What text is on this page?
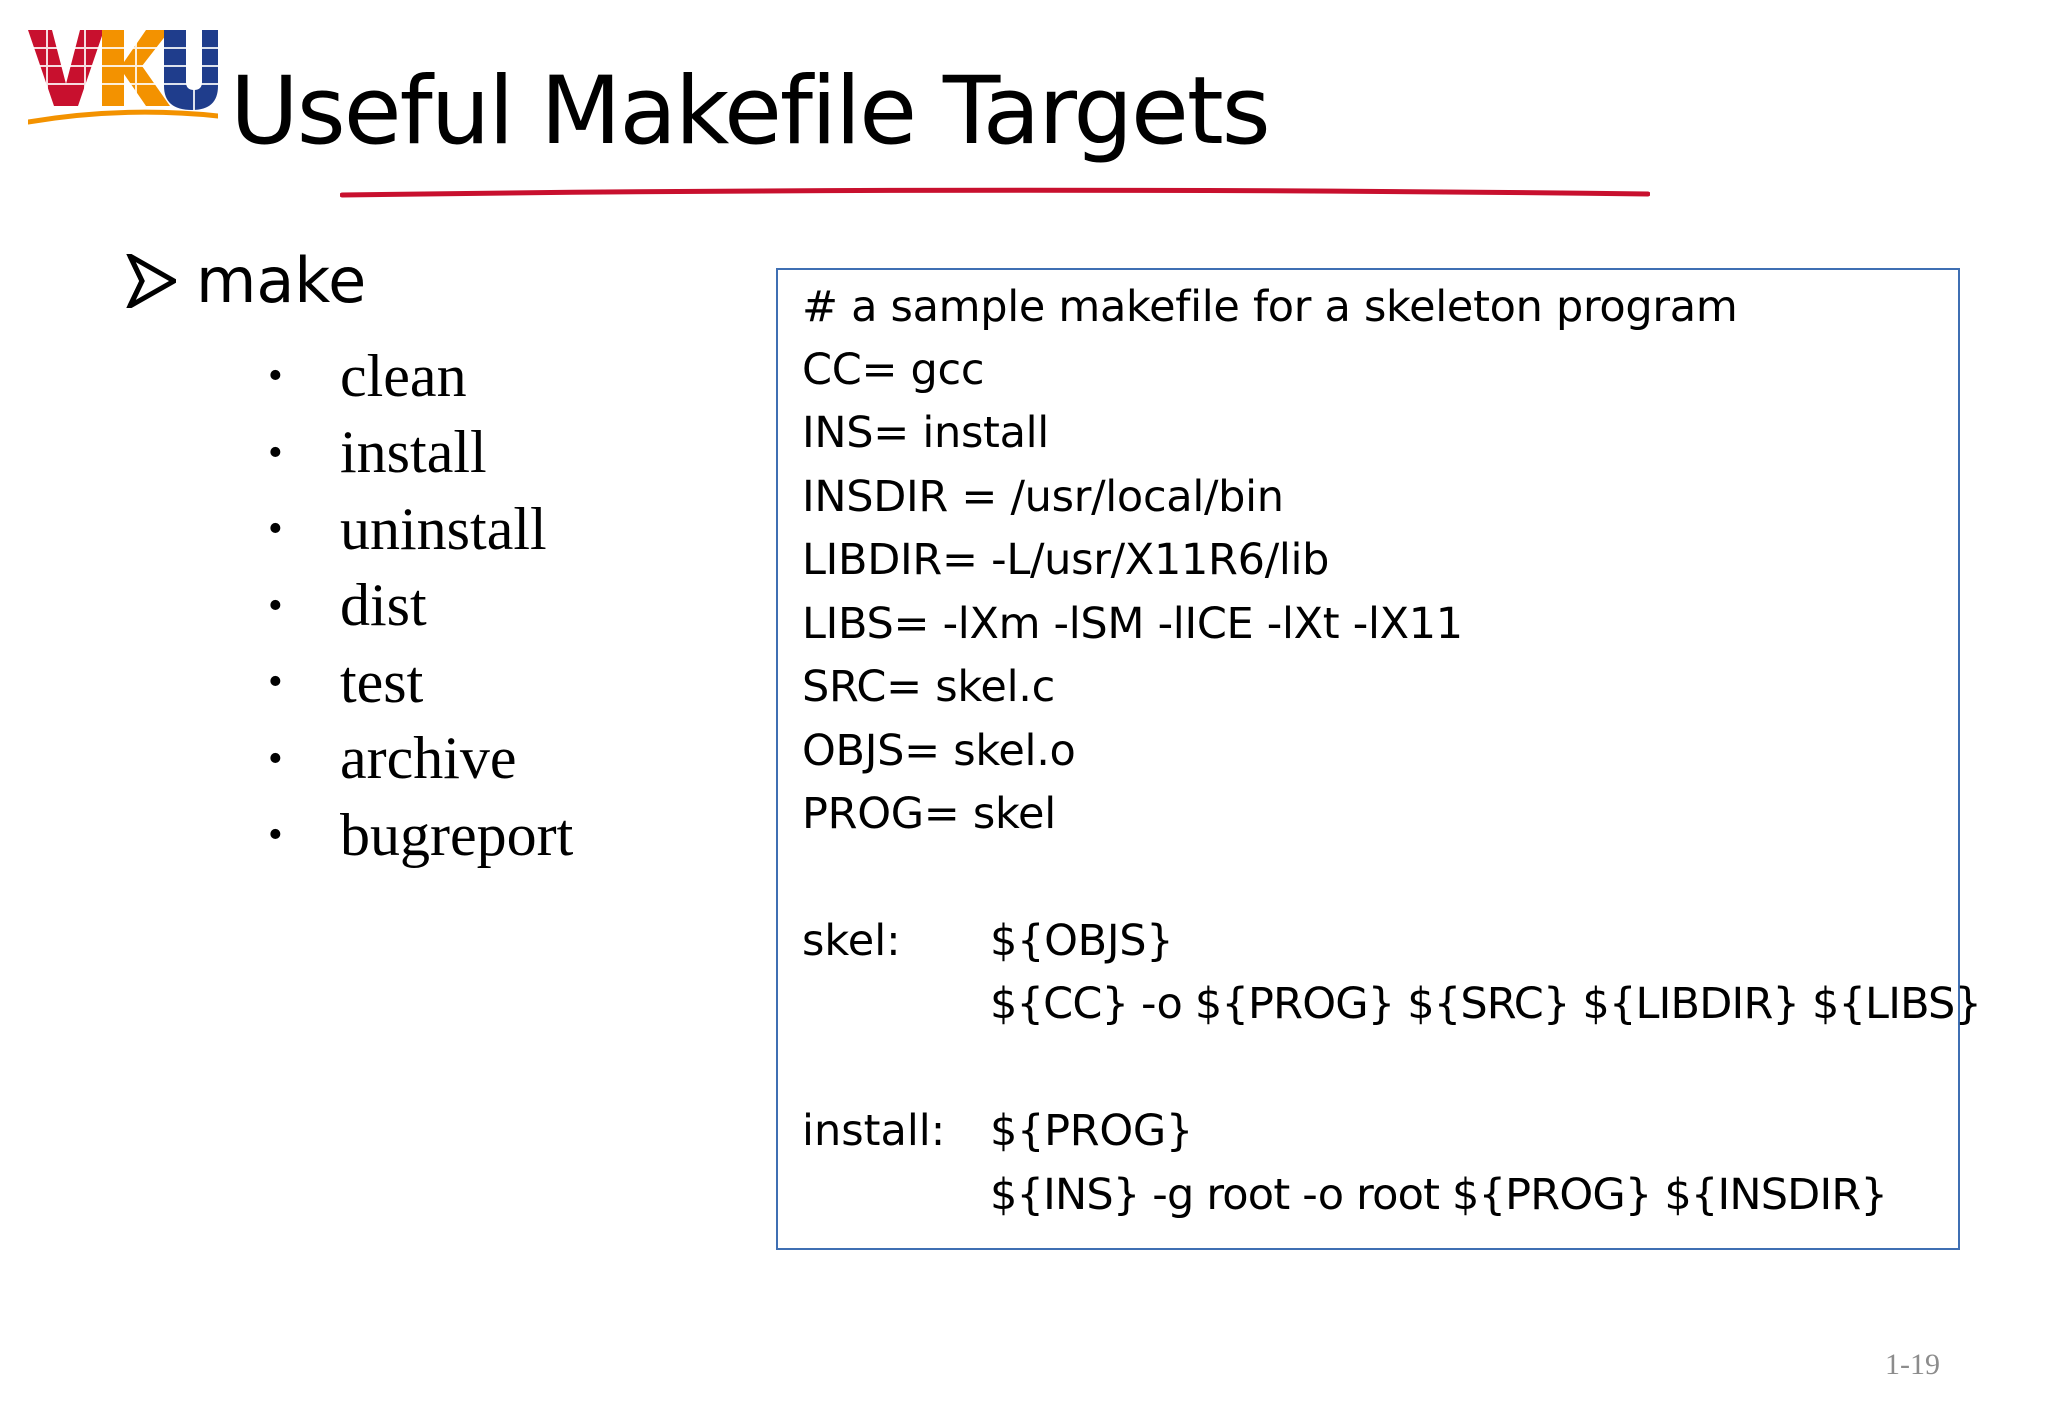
Useful Makefile Targets
make
• clean
• install
• uninstall
• dist
• test
• archive
• bugreport
# a sample makefile for a skeleton program
CC= gcc
INS= install
INSDIR = /usr/local/bin
LIBDIR= -L/usr/X11R6/lib
LIBS= -lXm -lSM -lICE -lXt -lX11
SRC= skel.c
OBJS= skel.o
PROG= skel
skel: ${OBJS}
${CC} -o ${PROG} ${SRC} ${LIBDIR} ${LIBS}
install: ${PROG}
${INS} -g root -o root ${PROG} ${INSDIR}
1-19
